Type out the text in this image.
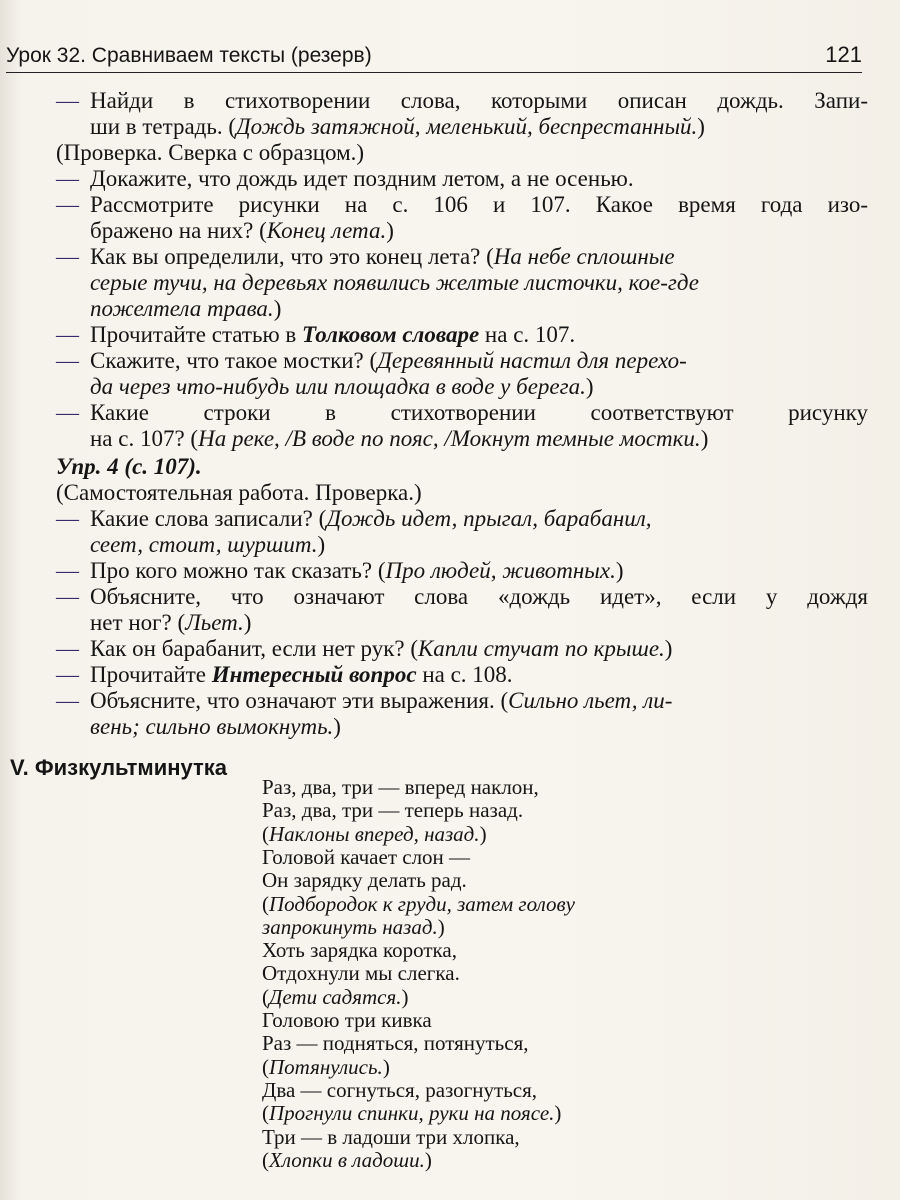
Урок 32. Сравниваем тексты (резерв)	121
— Найди в стихотворении слова, которыми описан дождь. Запи-
ши в тетрадь. (Дождь затяжной, меленький, беспрестанный.)
(Проверка. Сверка с образцом.)
— Докажите, что дождь идет поздним летом, а не осенью.
— Рассмотрите рисунки на с. 106 и 107. Какое время года изо-
бражено на них? (Конец лета.)
— Как вы определили, что это конец лета? (На небе сплошные
серые тучи, на деревьях появились желтые листочки, кое-где
пожелтела трава.)
— Прочитайте статью в Толковом словаре на с. 107.
— Скажите, что такое мостки? (Деревянный настил для перехо-
да через что-нибудь или площадка в воде у берега.)
— Какие строки в стихотворении соответствуют рисунку
на с. 107? (На реке, /В воде по пояс, /Мокнут темные мостки.)
Упр. 4 (с. 107).
(Самостоятельная работа. Проверка.)
— Какие слова записали? (Дождь идет, прыгал, барабанил,
сеет, стоит, шуршит.)
— Про кого можно так сказать? (Про людей, животных.)
— Объясните, что означают слова «дождь идет», если у дождя
нет ног? (Льет.)
— Как он барабанит, если нет рук? (Капли стучат по крыше.)
— Прочитайте Интересный вопрос на с. 108.
— Объясните, что означают эти выражения. (Сильно льет, ли-
вень; сильно вымокнуть.)
V. Физкультминутка
Раз, два, три — вперед наклон,
Раз, два, три — теперь назад.
(Наклоны вперед, назад.)
Головой качает слон —
Он зарядку делать рад.
(Подбородок к груди, затем голову
запрокинуть назад.)
Хоть зарядка коротка,
Отдохнули мы слегка.
(Дети садятся.)
Головою три кивка
Раз — подняться, потянуться,
(Потянулись.)
Два — согнуться, разогнуться,
(Прогнули спинки, руки на поясе.)
Три — в ладоши три хлопка,
(Хлопки в ладоши.)
